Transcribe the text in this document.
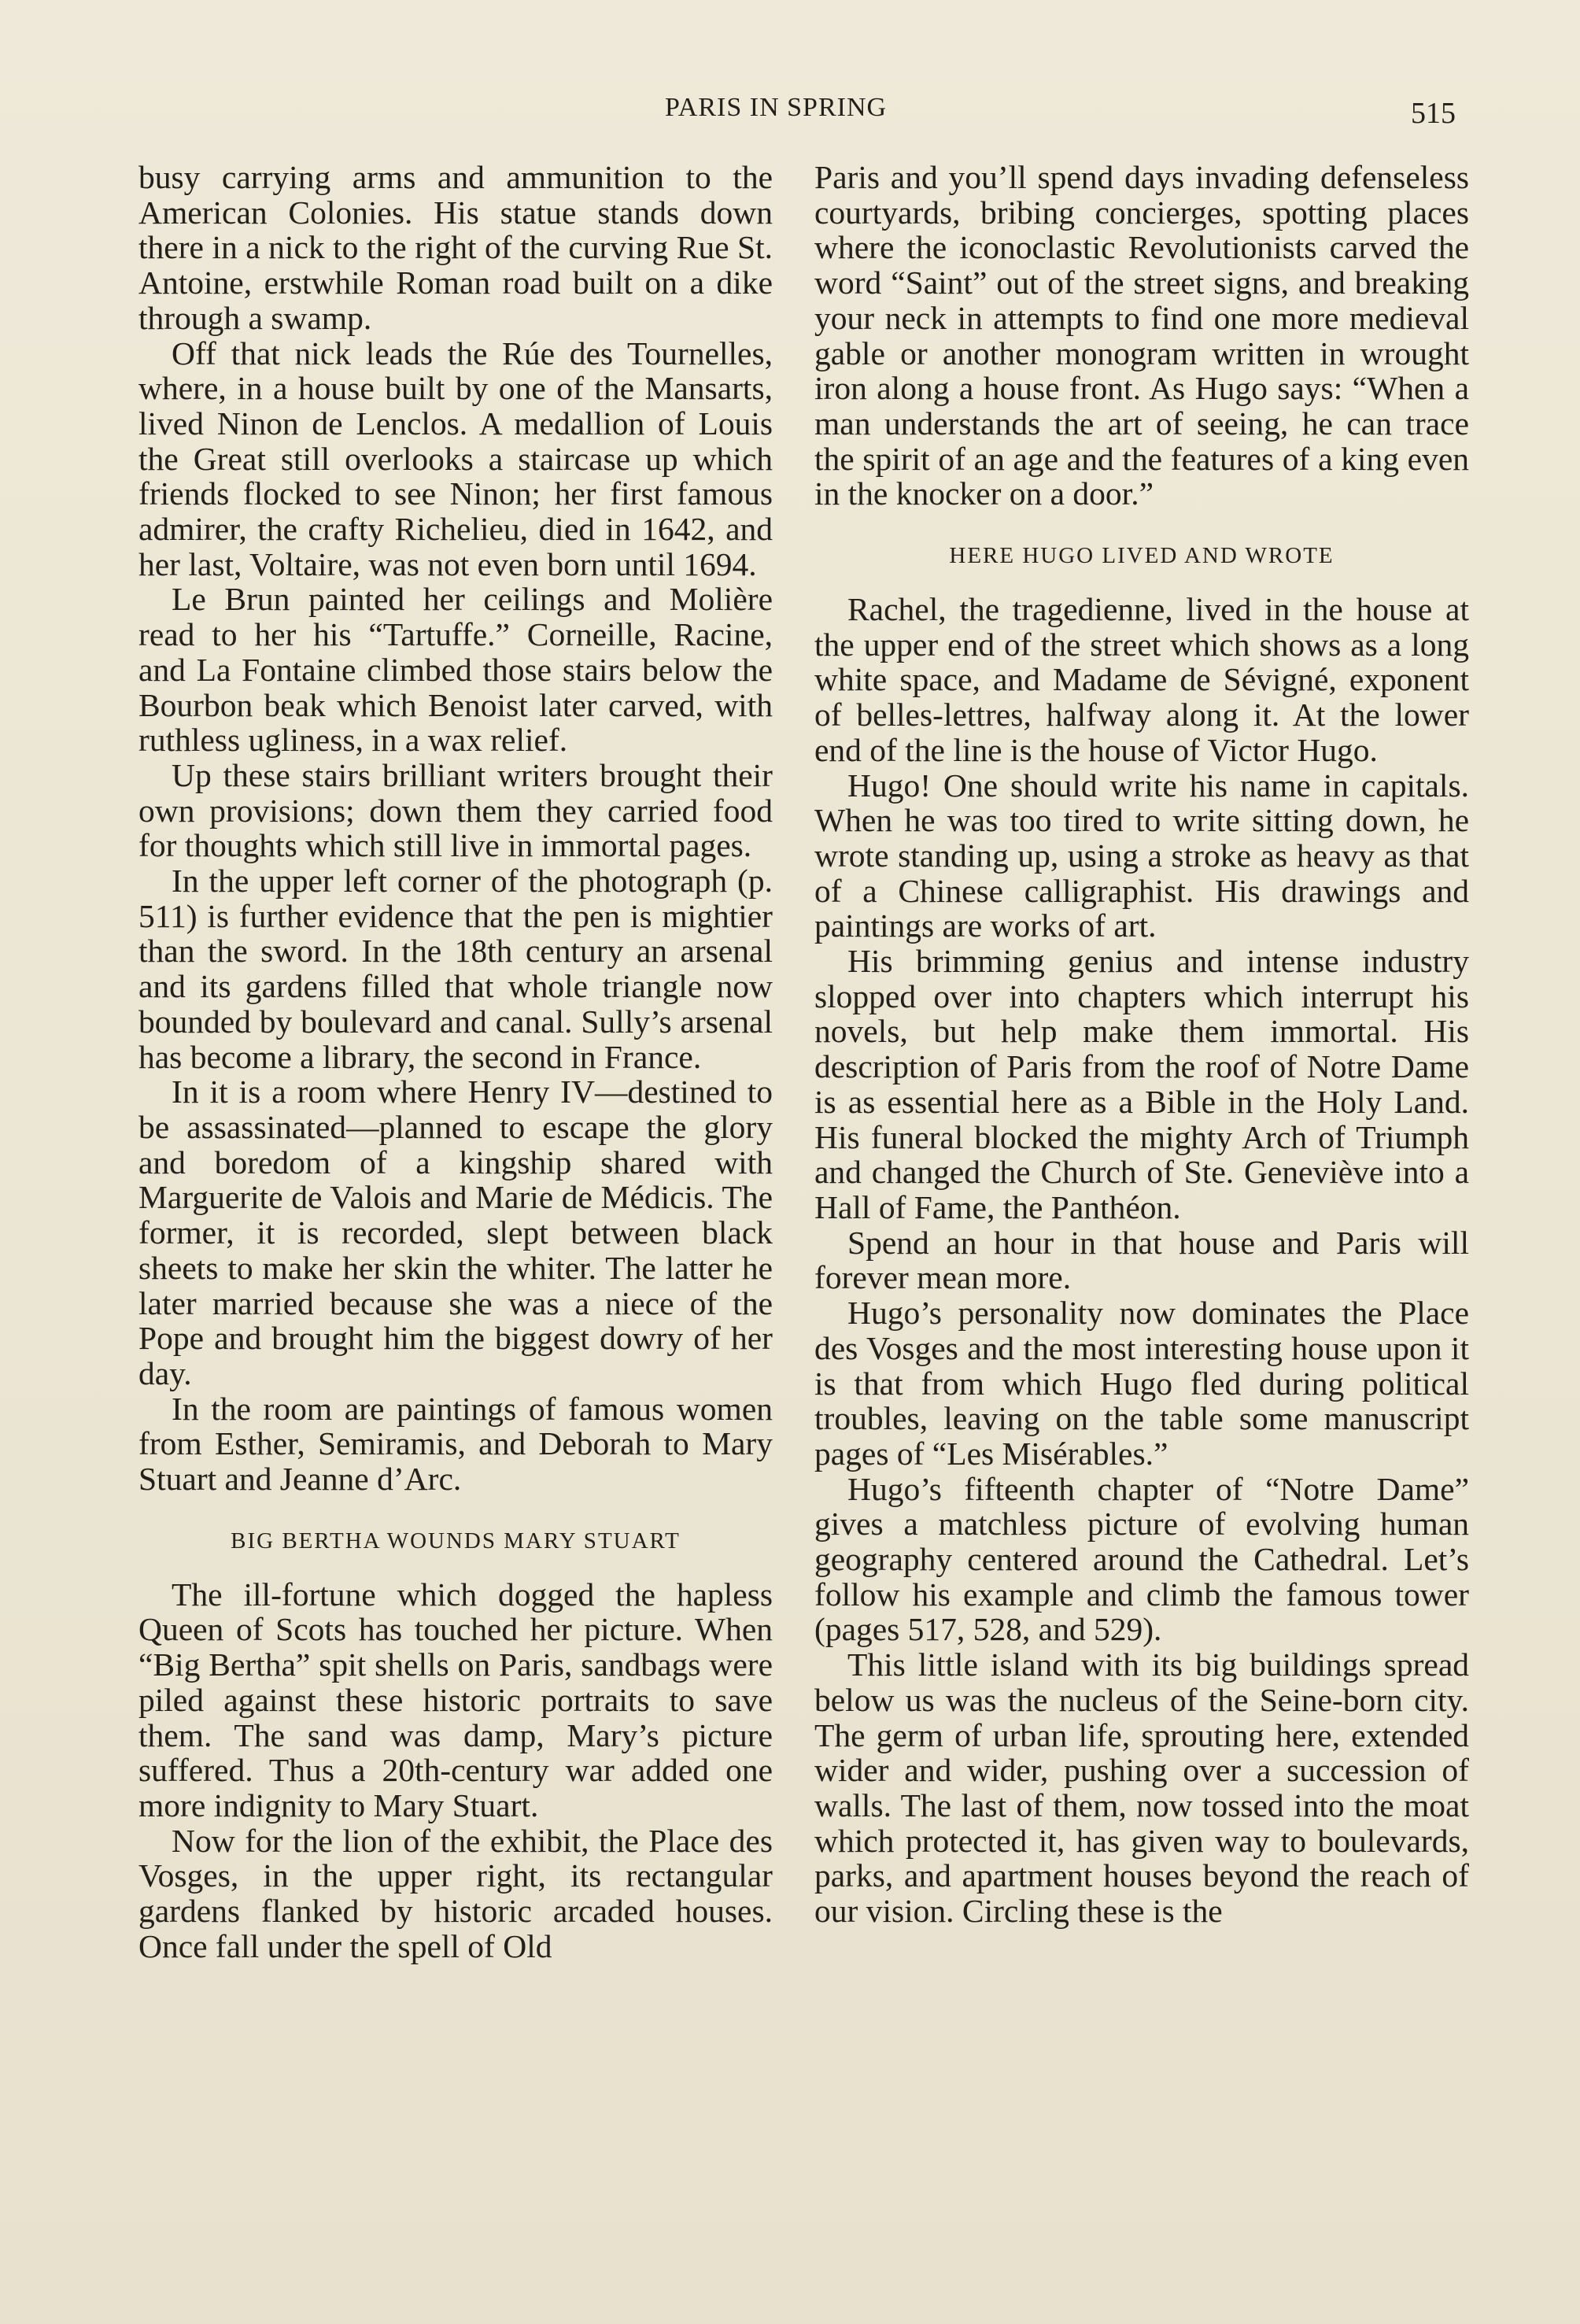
PARIS IN SPRING	515

busy carrying arms and ammunition to the American Colonies. His statue stands down there in a nick to the right of the curving Rue St. Antoine, erstwhile Roman road built on a dike through a swamp.

Off that nick leads the Rúe des Tournelles, where, in a house built by one of the Mansarts, lived Ninon de Lenclos. A medallion of Louis the Great still overlooks a staircase up which friends flocked to see Ninon; her first famous admirer, the crafty Richelieu, died in 1642, and her last, Voltaire, was not even born until 1694.

Le Brun painted her ceilings and Molière read to her his “Tartuffe.” Corneille, Racine, and La Fontaine climbed those stairs below the Bourbon beak which Benoist later carved, with ruthless ugliness, in a wax relief.

Up these stairs brilliant writers brought their own provisions; down them they carried food for thoughts which still live in immortal pages.

In the upper left corner of the photograph (p. 511) is further evidence that the pen is mightier than the sword. In the 18th century an arsenal and its gardens filled that whole triangle now bounded by boulevard and canal. Sully’s arsenal has become a library, the second in France.

In it is a room where Henry IV—destined to be assassinated—planned to escape the glory and boredom of a kingship shared with Marguerite de Valois and Marie de Médicis. The former, it is recorded, slept between black sheets to make her skin the whiter. The latter he later married because she was a niece of the Pope and brought him the biggest dowry of her day.

In the room are paintings of famous women from Esther, Semiramis, and Deborah to Mary Stuart and Jeanne d’Arc.

BIG BERTHA WOUNDS MARY STUART

The ill-fortune which dogged the hapless Queen of Scots has touched her picture. When “Big Bertha” spit shells on Paris, sandbags were piled against these historic portraits to save them. The sand was damp, Mary’s picture suffered. Thus a 20th-century war added one more indignity to Mary Stuart.

Now for the lion of the exhibit, the Place des Vosges, in the upper right, its rectangular gardens flanked by historic arcaded houses. Once fall under the spell of Old

Paris and you’ll spend days invading defenseless courtyards, bribing concierges, spotting places where the iconoclastic Revolutionists carved the word “Saint” out of the street signs, and breaking your neck in attempts to find one more medieval gable or another monogram written in wrought iron along a house front. As Hugo says: “When a man understands the art of seeing, he can trace the spirit of an age and the features of a king even in the knocker on a door.”

HERE HUGO LIVED AND WROTE

Rachel, the tragedienne, lived in the house at the upper end of the street which shows as a long white space, and Madame de Sévigné, exponent of belles-lettres, halfway along it. At the lower end of the line is the house of Victor Hugo.

Hugo! One should write his name in capitals. When he was too tired to write sitting down, he wrote standing up, using a stroke as heavy as that of a Chinese calligraphist. His drawings and paintings are works of art.

His brimming genius and intense industry slopped over into chapters which interrupt his novels, but help make them immortal. His description of Paris from the roof of Notre Dame is as essential here as a Bible in the Holy Land. His funeral blocked the mighty Arch of Triumph and changed the Church of Ste. Geneviève into a Hall of Fame, the Panthéon.

Spend an hour in that house and Paris will forever mean more.

Hugo’s personality now dominates the Place des Vosges and the most interesting house upon it is that from which Hugo fled during political troubles, leaving on the table some manuscript pages of “Les Misérables.”

Hugo’s fifteenth chapter of “Notre Dame” gives a matchless picture of evolving human geography centered around the Cathedral. Let’s follow his example and climb the famous tower (pages 517, 528, and 529).

This little island with its big buildings spread below us was the nucleus of the Seine-born city. The germ of urban life, sprouting here, extended wider and wider, pushing over a succession of walls. The last of them, now tossed into the moat which protected it, has given way to boulevards, parks, and apartment houses beyond the reach of our vision. Circling these is the
